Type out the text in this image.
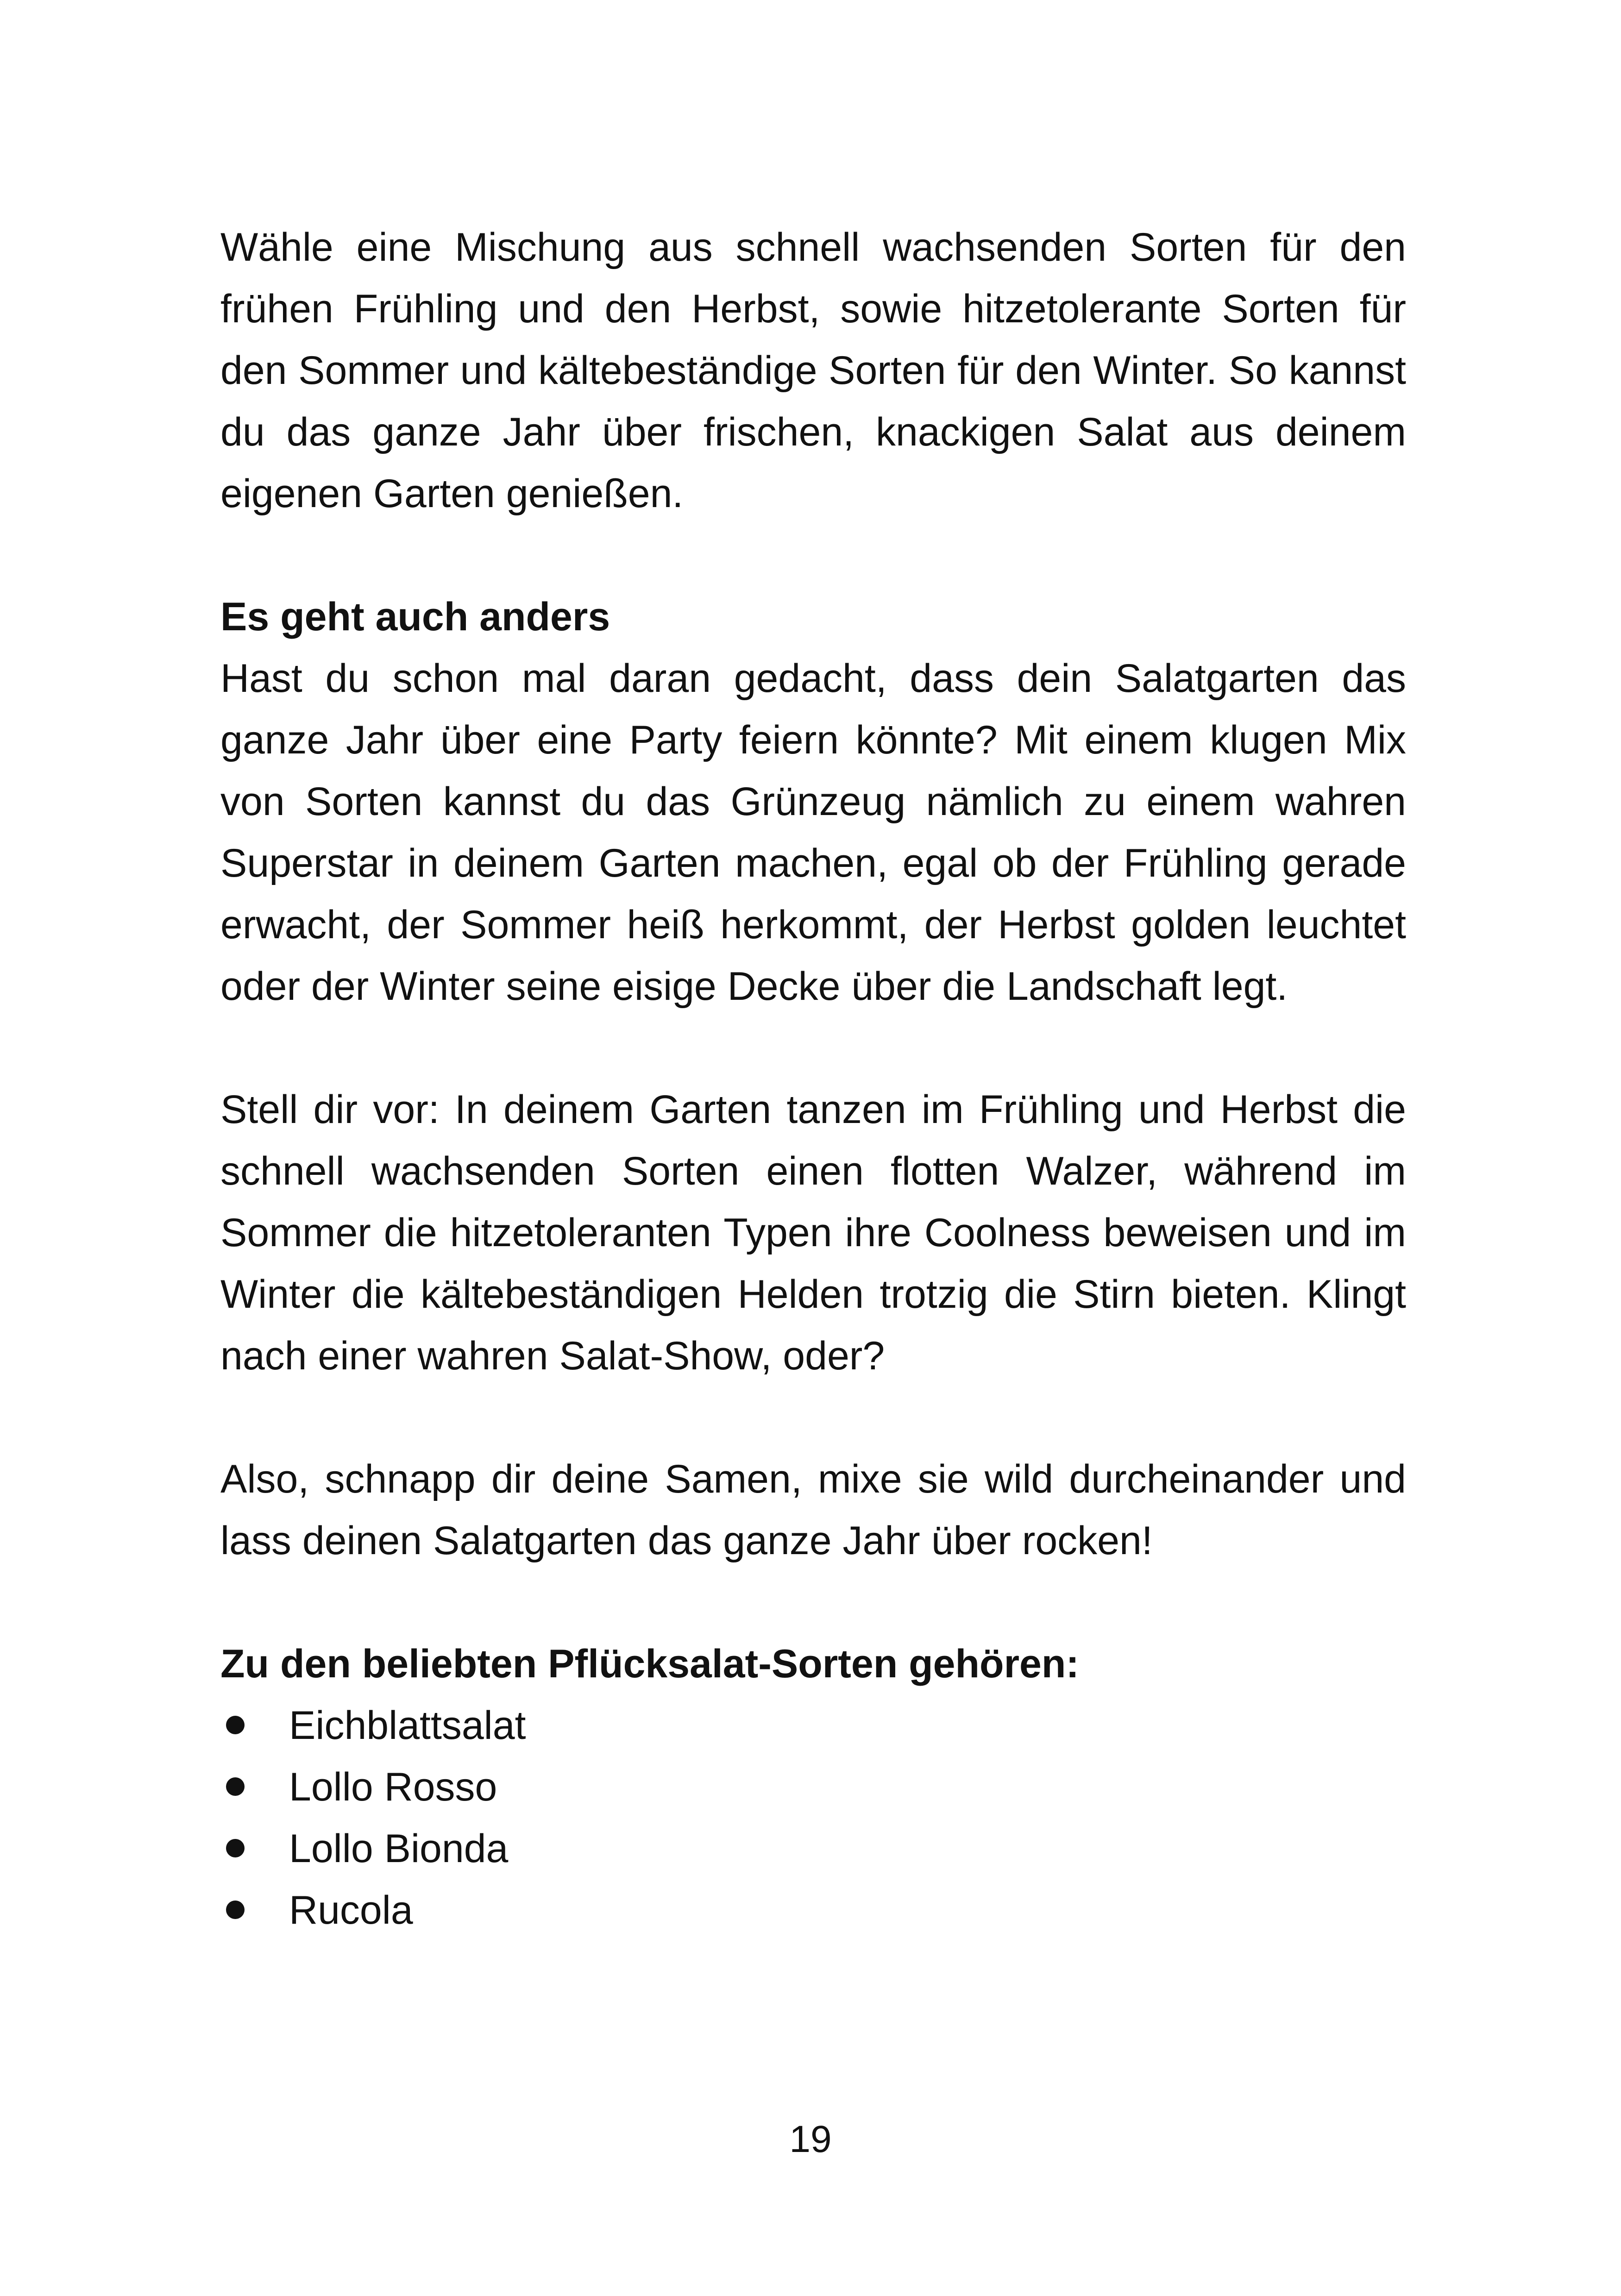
Wähle eine Mischung aus schnell wachsenden Sorten für den frühen Frühling und den Herbst, sowie hitzetolerante Sorten für den Sommer und kältebeständige Sorten für den Winter. So kannst du das ganze Jahr über frischen, knackigen Salat aus deinem eigenen Garten genießen.

Es geht auch anders

Hast du schon mal daran gedacht, dass dein Salatgarten das ganze Jahr über eine Party feiern könnte? Mit einem klugen Mix von Sorten kannst du das Grünzeug nämlich zu einem wahren Superstar in deinem Garten machen, egal ob der Frühling gerade erwacht, der Sommer heiß herkommt, der Herbst golden leuchtet oder der Winter seine eisige Decke über die Landschaft legt.

Stell dir vor: In deinem Garten tanzen im Frühling und Herbst die schnell wachsenden Sorten einen flotten Walzer, während im Sommer die hitzetoleranten Typen ihre Coolness beweisen und im Winter die kältebeständigen Helden trotzig die Stirn bieten. Klingt nach einer wahren Salat-Show, oder?

Also, schnapp dir deine Samen, mixe sie wild durcheinander und lass deinen Salatgarten das ganze Jahr über rocken!

Zu den beliebten Pflücksalat-Sorten gehören:

Eichblattsalat
Lollo Rosso
Lollo Bionda
Rucola
19
